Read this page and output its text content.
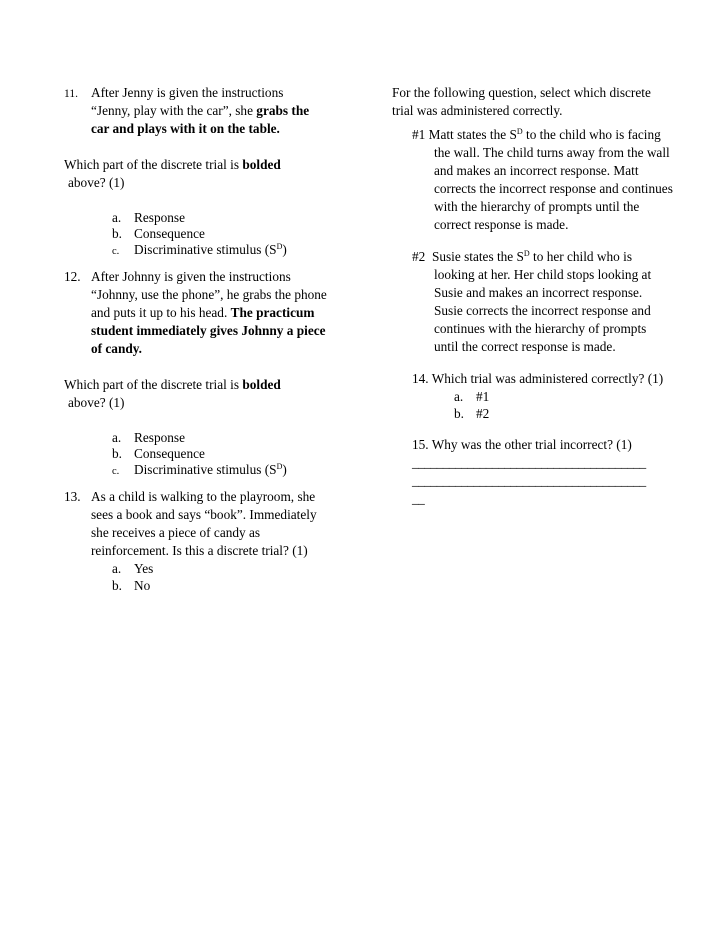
11. After Jenny is given the instructions
“Jenny, play with the car”, she grabs the
car and plays with it on the table.
Which part of the discrete trial is bolded
above? (1)
a. Response
b. Consequence
c. Discriminative stimulus $(S^D)$
12. After Johnny is given the instructions
“Johnny, use the phone”, he grabs the phone
and puts it up to his head. The practicum
student immediately gives Johnny a piece
of candy.
Which part of the discrete trial is bolded
above? (1)
a. Response
b. Consequence
c. Discriminative stimulus $(S^D)$
13. As a child is walking to the playroom, she
sees a book and says “book”. Immediately
she receives a piece of candy as
reinforcement. Is this a discrete trial? (1)
a. Yes
b. No
For the following question, select which discrete
trial was administered correctly.
#1 Matt states the $S^D$ to the child who is facing
the wall. The child turns away from the wall
and makes an incorrect response. Matt
corrects the incorrect response and continues
with the hierarchy of prompts until the
correct response is made.
#2 Susie states the $S^D$ to her child who is
looking at her. Her child stops looking at
Susie and makes an incorrect response.
Susie corrects the incorrect response and
continues with the hierarchy of prompts
until the correct response is made.
14. Which trial was administered correctly? (1)
a. #1
b. #2
15. Why was the other trial incorrect? (1)
______________________________________
______________________________________
__
